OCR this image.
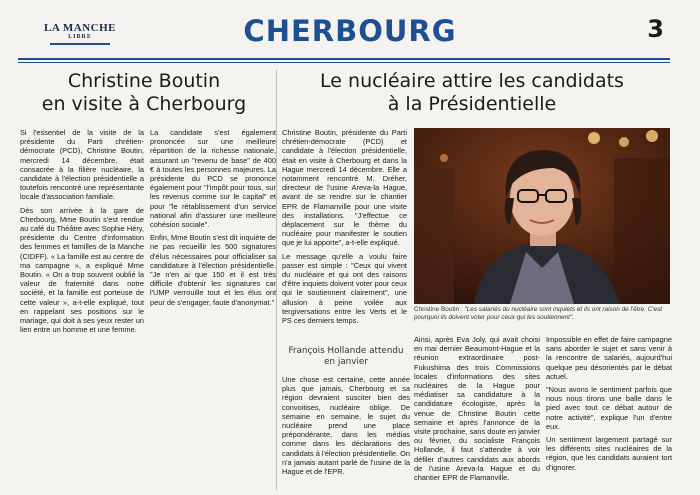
LA MANCHE
LIBRE	CHERBOURG	3
Christine Boutin
en visite à Cherbourg
Le nucléaire attire les candidats
à la Présidentielle

Si l'essentiel de la visite de la présidente du Parti chrétien-démocrate (PCD), Christine Boutin, mercredi 14 décembre, était consacrée à la filière nucléaire, la candidate à l'élection présidentielle a toutefois rencontré une représentante locale d'association familiale.

Dès son arrivée à la gare de Cherbourg, Mme Boutin s'est rendue au café du Théâtre avec Sophie Héry, présidente du Centre d'information des femmes et familles de la Manche (CIDFF). « La famille est au centre de ma campagne », a expliqué Mme Boutin. « On a trop souvent oublié la valeur de fraternité dans notre société, et la famille est porteuse de cette valeur », a-t-elle expliqué, tout en rappelant ses positions sur le mariage, qui doit à ses yeux rester un lien entre un homme et une femme.

La candidate s'est également prononcée sur une meilleure répartition de la richesse nationale, assurant un "revenu de base" de 400 € à toutes les personnes majeures. La présidente du PCD se prononce également pour "l'impôt pour tous, sur les revenus comme sur le capital" et pour "le rétablissement d'un service national afin d'assurer une meilleure cohésion sociale".

Enfin, Mme Boutin s'est dit inquiète de ne pas recueillir les 500 signatures d'élus nécessaires pour officialiser sa candidature à l'élection présidentielle. "Je n'en ai que 150 et il est très difficile d'obtenir les signatures car l'UMP verrouille tout et les élus ont peur de s'engager, faute d'anonymat."

Christine Boutin, présidente du Parti chrétien-démocrate (PCD) et candidate à l'élection présidentielle, était en visite à Cherbourg et dans la Hague mercredi 14 décembre. Elle a notamment rencontré M. Dréher, directeur de l'usine Areva-la Hague, avant de se rendre sur le chantier EPR de Flamanville pour une visite des installations. "J'effectue ce déplacement sur le thème du nucléaire pour manifester le soutien que je lui apporte", a-t-elle expliqué.

Le message qu'elle a voulu faire passer est simple : "Ceux qui vivent du nucléaire et qui ont des raisons d'être inquiets doivent voter pour ceux qui le soutiennent clairement", une allusion à peine voilée aux tergiversations entre les Verts et le PS ces derniers temps.

François Hollande attendu
en janvier

Une chose est certaine, cette année plus que jamais, Cherbourg et sa région devraient susciter bien des convoitises, nucléaire oblige. De semaine en semaine, le sujet du nucléaire prend une place prépondérante, dans les médias comme dans les déclarations des candidats à l'élection présidentielle. On n'a jamais autant parlé de l'usine de la Hague et de l'EPR.

Ainsi, après Eva Joly, qui avait choisi en mai dernier Beaumont-Hague et la réunion extraordinaire post-Fukushima des trois Commissions locales d'informations des sites nucléaires de la Hague pour médiatiser sa candidature à la candidature écologiste, après la venue de Christine Boutin cette semaine et après l'annonce de la visite prochaine, sans doute en janvier ou février, du socialiste François Hollande, il faut s'attendre à voir défiler d'autres candidats aux abords de l'usine Areva-la Hague et du chantier EPR de Flamanville.

Impossible en effet de faire campagne sans aborder le sujet et sans venir à la rencontre de salariés, aujourd'hui quelque peu désorientés par le débat actuel.

"Nous avons le sentiment parfois que nous nous tirons une balle dans le pied avec tout ce débat autour de notre activité", explique l'un d'entre eux.

Un sentiment largement partagé sur les différents sites nucléaires de la région, que les candidats auraient tort d'ignorer.

Christine Boutin : "Les salariés du nucléaire sont inquiets et ils ont raison de l'être. C'est pourquoi ils doivent voter pour ceux qui les soutiennent".
